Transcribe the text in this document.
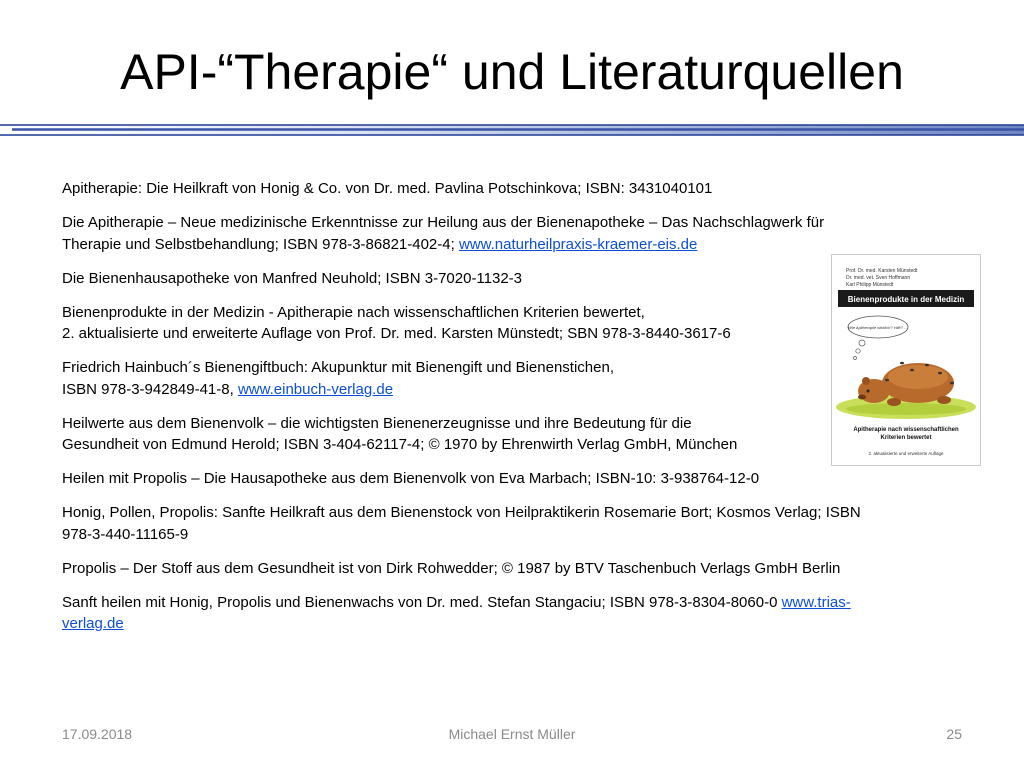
API-“Therapie“ und Literaturquellen
Apitherapie: Die Heilkraft von Honig & Co. von Dr. med. Pavlina Potschinkova; ISBN: 3431040101
Die Apitherapie – Neue medizinische Erkenntnisse zur Heilung aus der Bienenapotheke – Das Nachschlagwerk für
Therapie und Selbstbehandlung; ISBN 978-3-86821-402-4; www.naturheilpraxis-kraemer-eis.de
Die Bienenhausapotheke von Manfred Neuhold; ISBN 3-7020-1132-3
Bienenprodukte in der Medizin - Apitherapie nach wissenschaftlichen Kriterien bewertet,
2. aktualisierte und erweiterte Auflage von Prof. Dr. med. Karsten Münstedt; SBN 978-3-8440-3617-6
Friedrich Hainbuch´s Bienengiftbuch: Akupunktur mit Bienengift und Bienenstichen,
ISBN 978-3-942849-41-8, www.einbuch-verlag.de
Heilwerte aus dem Bienenvolk – die wichtigsten Bienenerzeugnisse und ihre Bedeutung für die
Gesundheit von Edmund Herold; ISBN 3-404-62117-4; © 1970 by Ehrenwirth Verlag GmbH, München
Heilen mit Propolis – Die Hausapotheke aus dem Bienenvolk von Eva Marbach; ISBN-10: 3-938764-12-0
Honig, Pollen, Propolis: Sanfte Heilkraft aus dem Bienenstock von Heilpraktikerin Rosemarie Bort; Kosmos Verlag; ISBN
978-3-440-11165-9
Propolis – Der Stoff aus dem Gesundheit ist von Dirk Rohwedder; © 1987 by BTV Taschenbuch Verlags GmbH Berlin
Sanft heilen mit Honig, Propolis und Bienenwachs von Dr. med. Stefan Stangaciu; ISBN 978-3-8304-8060-0 www.trias-
verlag.de
Prof. Dr. med. Karsten Münstedt
Dr. med. vet. Sven Hoffmann
Karl Philipp Münstedt
Bienenprodukte in der Medizin
Wie Apitherapie wirklich? Hilft? …
Apitherapie nach wissenschaftlichen
Kriterien bewertet
2. aktualisierte und erweiterte Auflage
17.09.2018	Michael Ernst Müller	25
